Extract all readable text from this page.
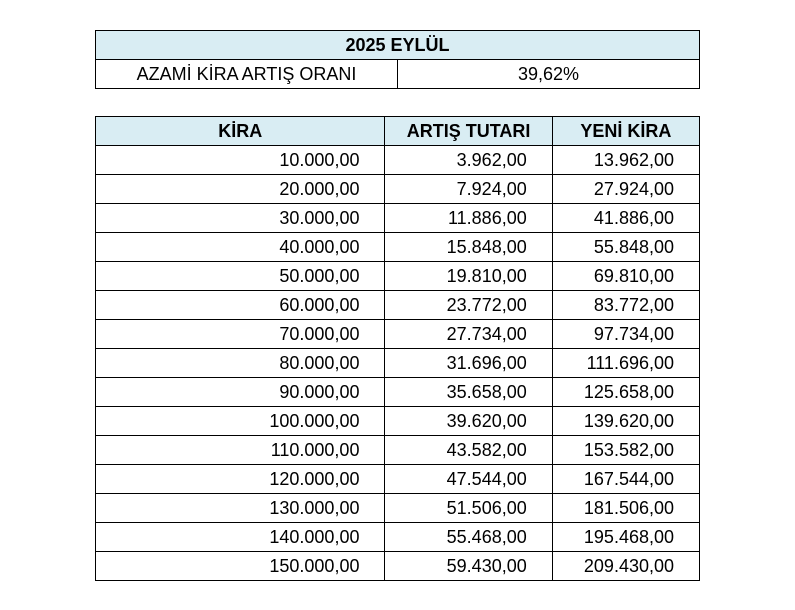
2025 EYLÜL
AZAMİ KİRA ARTIŞ ORANI	39,62%
KİRA	ARTIŞ TUTARI	YENİ KİRA
10.000,00	3.962,00	13.962,00
20.000,00	7.924,00	27.924,00
30.000,00	11.886,00	41.886,00
40.000,00	15.848,00	55.848,00
50.000,00	19.810,00	69.810,00
60.000,00	23.772,00	83.772,00
70.000,00	27.734,00	97.734,00
80.000,00	31.696,00	111.696,00
90.000,00	35.658,00	125.658,00
100.000,00	39.620,00	139.620,00
110.000,00	43.582,00	153.582,00
120.000,00	47.544,00	167.544,00
130.000,00	51.506,00	181.506,00
140.000,00	55.468,00	195.468,00
150.000,00	59.430,00	209.430,00
